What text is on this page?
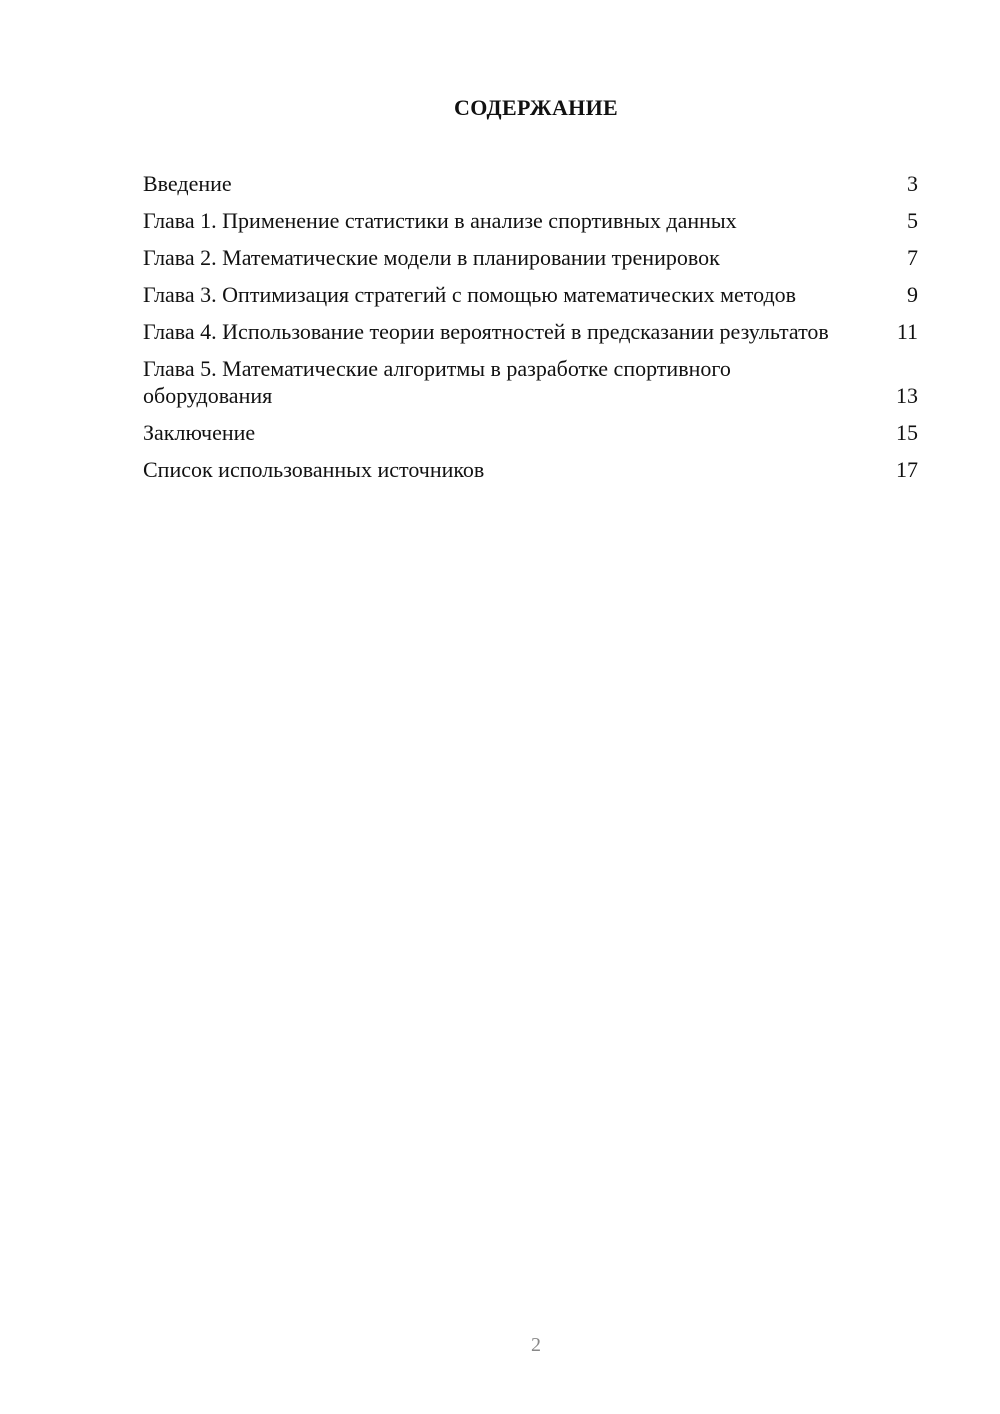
СОДЕРЖАНИЕ
Введение	3
Глава 1. Применение статистики в анализе спортивных данных	5
Глава 2. Математические модели в планировании тренировок	7
Глава 3. Оптимизация стратегий с помощью математических методов	9
Глава 4. Использование теории вероятностей в предсказании результатов	11
Глава 5. Математические алгоритмы в разработке спортивного оборудования	13
Заключение	15
Список использованных источников	17
2
